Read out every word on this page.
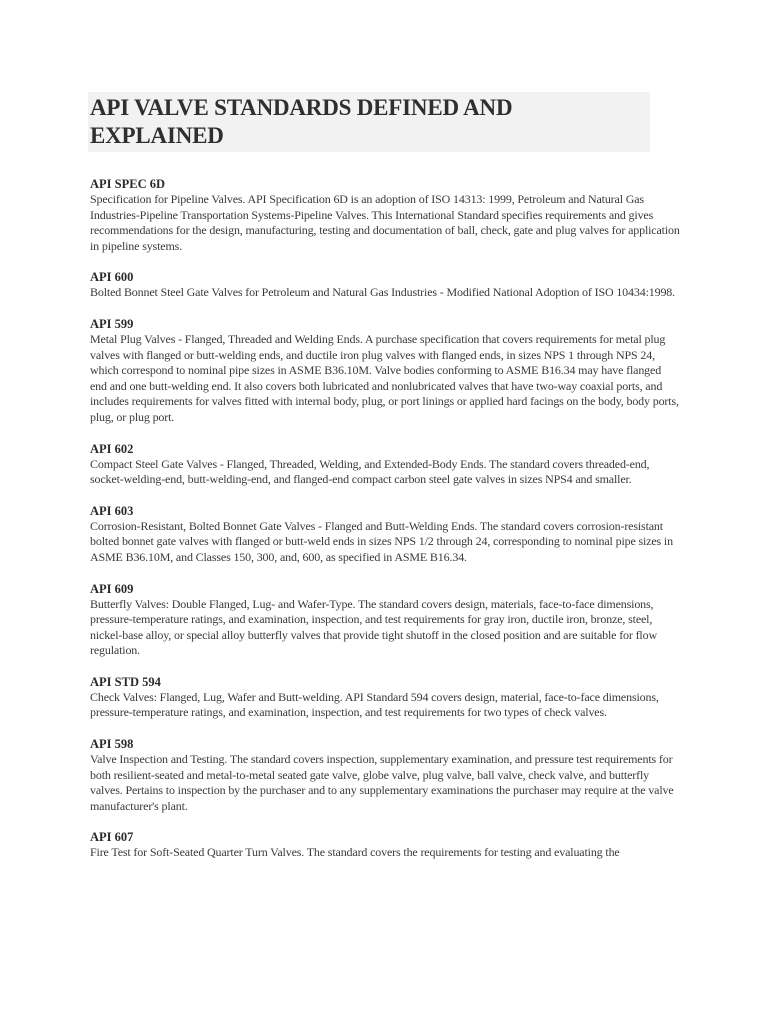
API VALVE STANDARDS DEFINED AND
EXPLAINED

API SPEC 6D

Specification for Pipeline Valves. API Specification 6D is an adoption of ISO 14313: 1999, Petroleum and Natural Gas Industries-Pipeline Transportation Systems-Pipeline Valves. This International Standard specifies requirements and gives recommendations for the design, manufacturing, testing and documentation of ball, check, gate and plug valves for application in pipeline systems.

API 600

Bolted Bonnet Steel Gate Valves for Petroleum and Natural Gas Industries - Modified National Adoption of ISO 10434:1998.

API 599

Metal Plug Valves - Flanged, Threaded and Welding Ends. A purchase specification that covers requirements for metal plug valves with flanged or butt-welding ends, and ductile iron plug valves with flanged ends, in sizes NPS 1 through NPS 24, which correspond to nominal pipe sizes in ASME B36.10M. Valve bodies conforming to ASME B16.34 may have flanged end and one butt-welding end. It also covers both lubricated and nonlubricated valves that have two-way coaxial ports, and includes requirements for valves fitted with internal body, plug, or port linings or applied hard facings on the body, body ports, plug, or plug port.

API 602

Compact Steel Gate Valves - Flanged, Threaded, Welding, and Extended-Body Ends. The standard covers threaded-end, socket-welding-end, butt-welding-end, and flanged-end compact carbon steel gate valves in sizes NPS4 and smaller.

API 603

Corrosion-Resistant, Bolted Bonnet Gate Valves - Flanged and Butt-Welding Ends. The standard covers corrosion-resistant bolted bonnet gate valves with flanged or butt-weld ends in sizes NPS 1/2 through 24, corresponding to nominal pipe sizes in ASME B36.10M, and Classes 150, 300, and, 600, as specified in ASME B16.34.

API 609

Butterfly Valves: Double Flanged, Lug- and Wafer-Type. The standard covers design, materials, face-to-face dimensions, pressure-temperature ratings, and examination, inspection, and test requirements for gray iron, ductile iron, bronze, steel, nickel-base alloy, or special alloy butterfly valves that provide tight shutoff in the closed position and are suitable for flow regulation.

API STD 594

Check Valves: Flanged, Lug, Wafer and Butt-welding. API Standard 594 covers design, material, face-to-face dimensions, pressure-temperature ratings, and examination, inspection, and test requirements for two types of check valves.

API 598

Valve Inspection and Testing. The standard covers inspection, supplementary examination, and pressure test requirements for both resilient-seated and metal-to-metal seated gate valve, globe valve, plug valve, ball valve, check valve, and butterfly valves. Pertains to inspection by the purchaser and to any supplementary examinations the purchaser may require at the valve manufacturer's plant.

API 607

Fire Test for Soft-Seated Quarter Turn Valves. The standard covers the requirements for testing and evaluating the
